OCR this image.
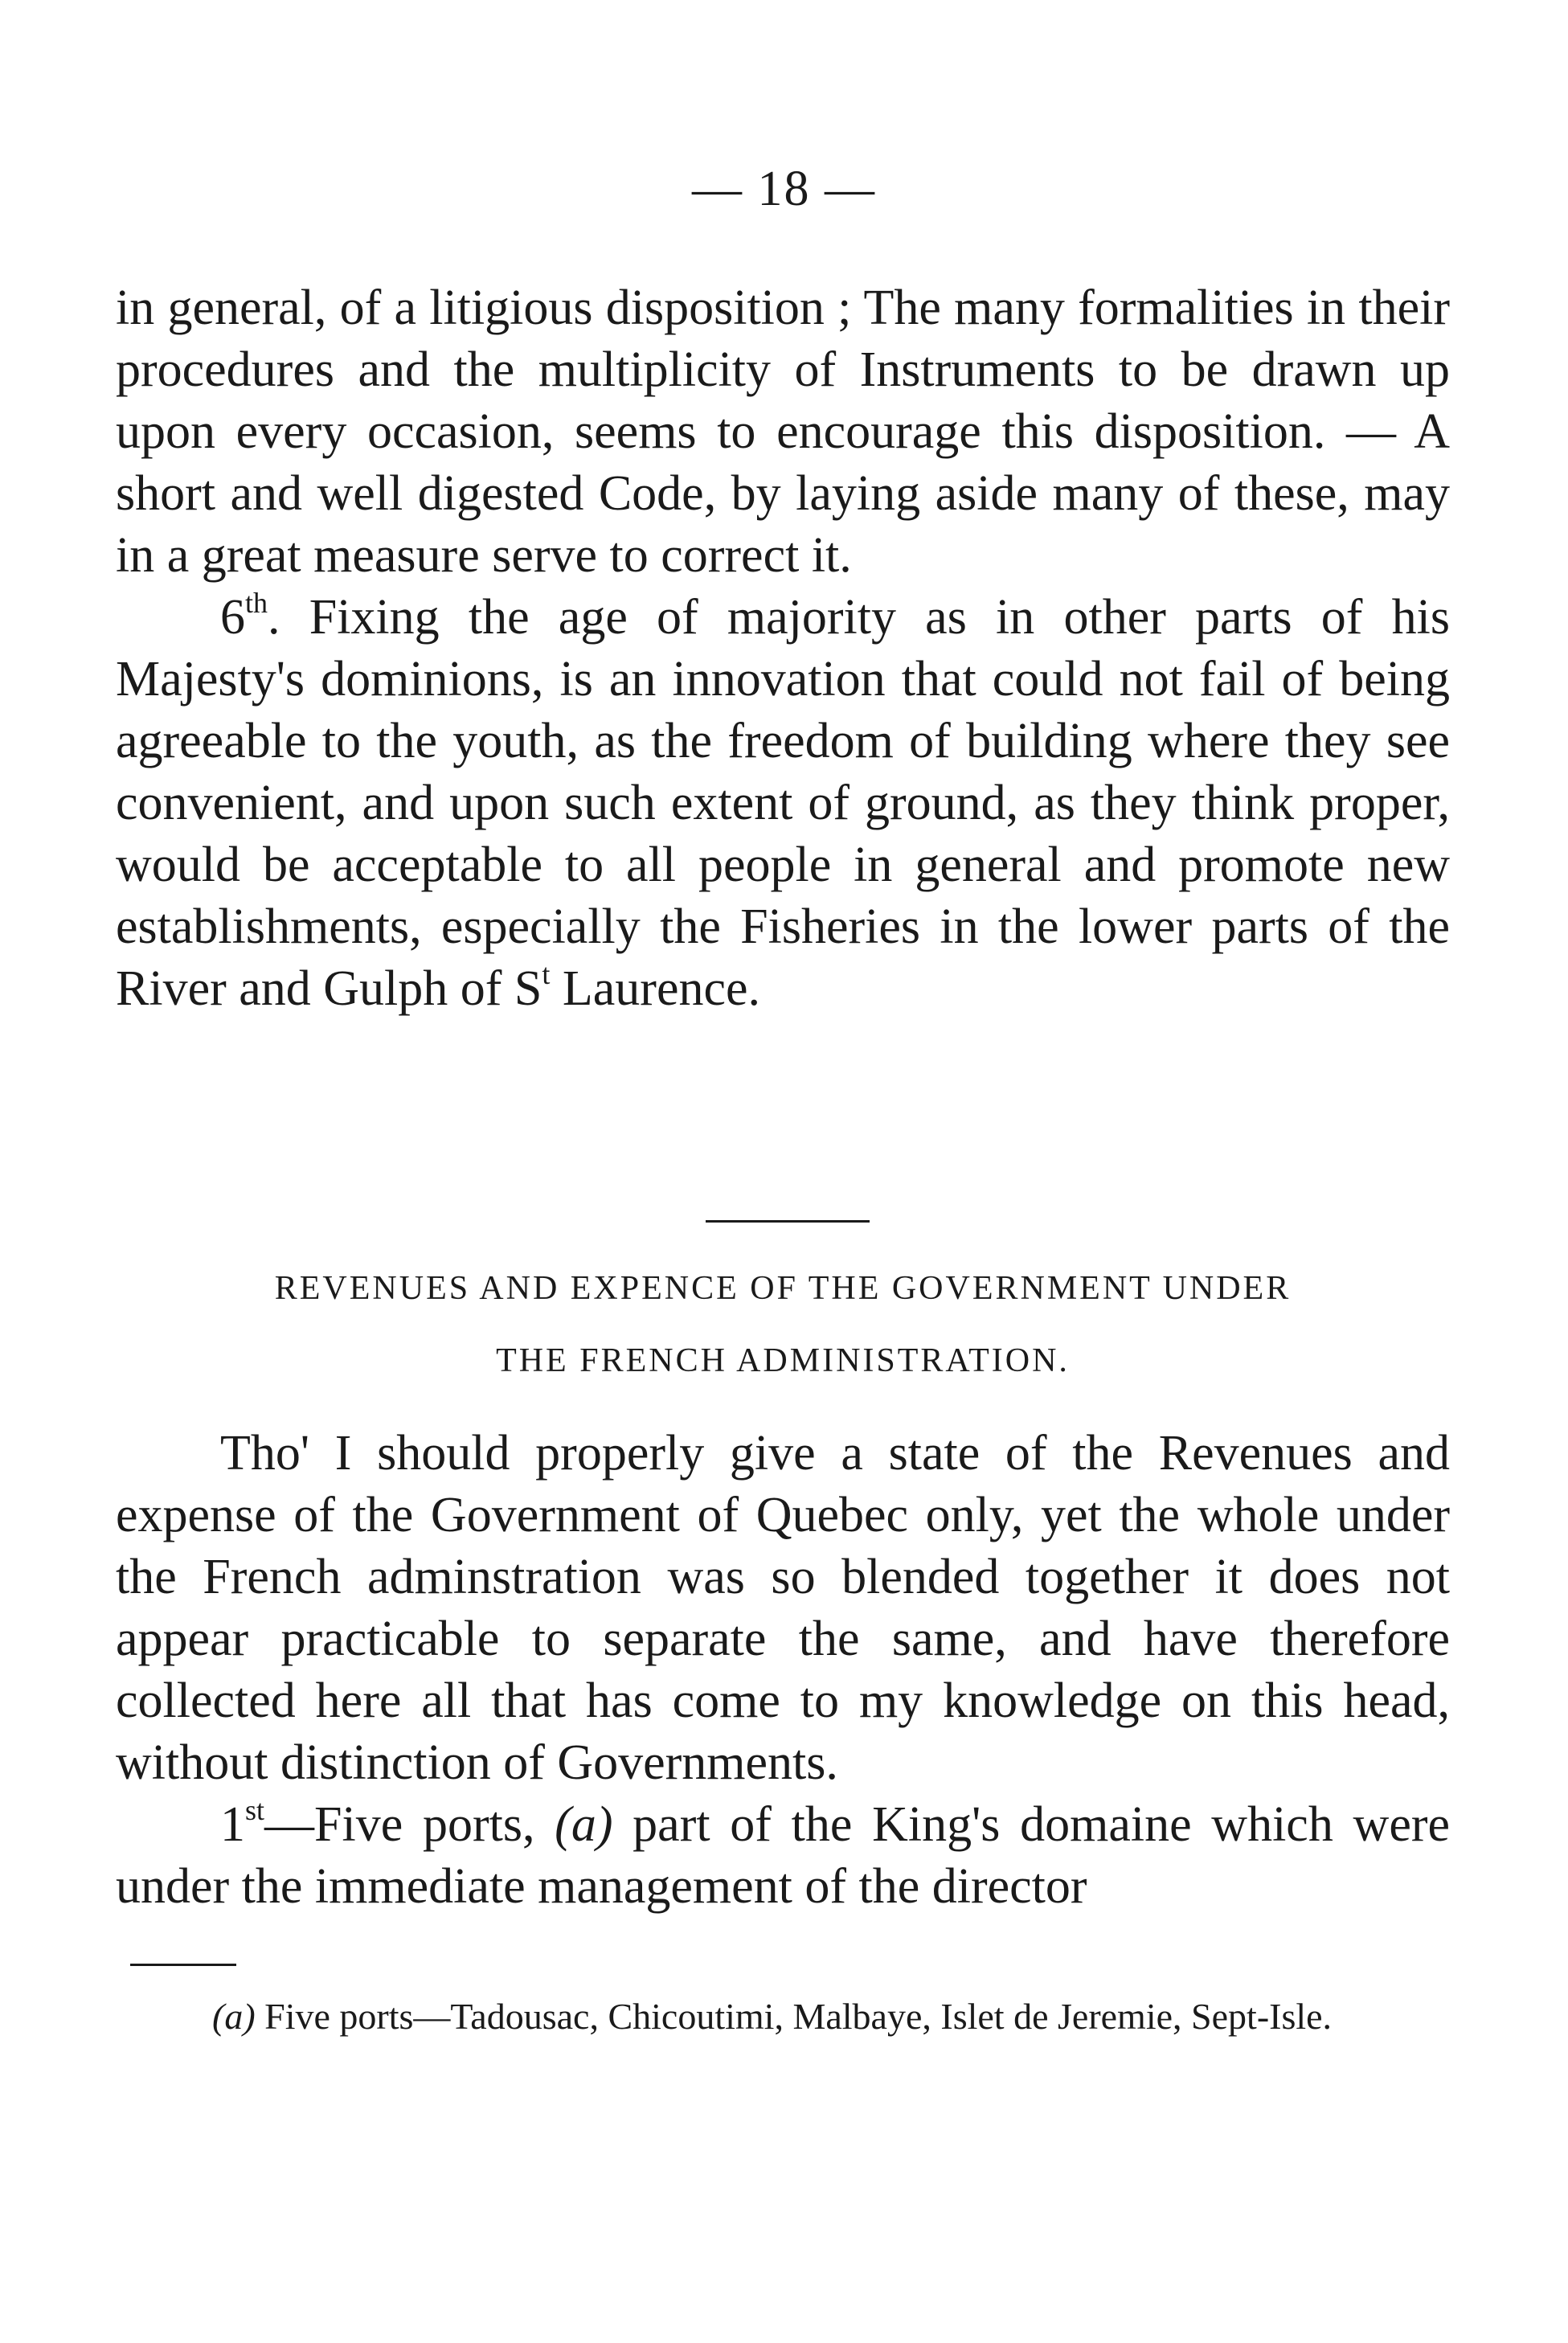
— 18 —

in general, of a litigious disposition ; The many formalities in their procedures and the multiplicity of Instruments to be drawn up upon every occasion, seems to encourage this disposition. — A short and well digested Code, by laying aside many of these, may in a great measure serve to correct it.

6th. Fixing the age of majority as in other parts of his Majesty's dominions, is an innovation that could not fail of being agreeable to the youth, as the freedom of building where they see convenient, and upon such extent of ground, as they think proper, would be acceptable to all people in general and promote new establishments, especially the Fisheries in the lower parts of the River and Gulph of $S^t$ Laurence.

REVENUES AND EXPENCE OF THE GOVERNMENT UNDER
THE FRENCH ADMINISTRATION.

Tho' I should properly give a state of the Revenues and expense of the Government of Quebec only, yet the whole under the French adminstration was so blended together it does not appear practicable to separate the same, and have therefore collected here all that has come to my knowledge on this head, without distinction of Governments.

1st—Five ports, (a) part of the King's domaine which were under the immediate management of the director

(a) Five ports—Tadousac, Chicoutimi, Malbaye, Islet de Jeremie, Sept-Isle.
